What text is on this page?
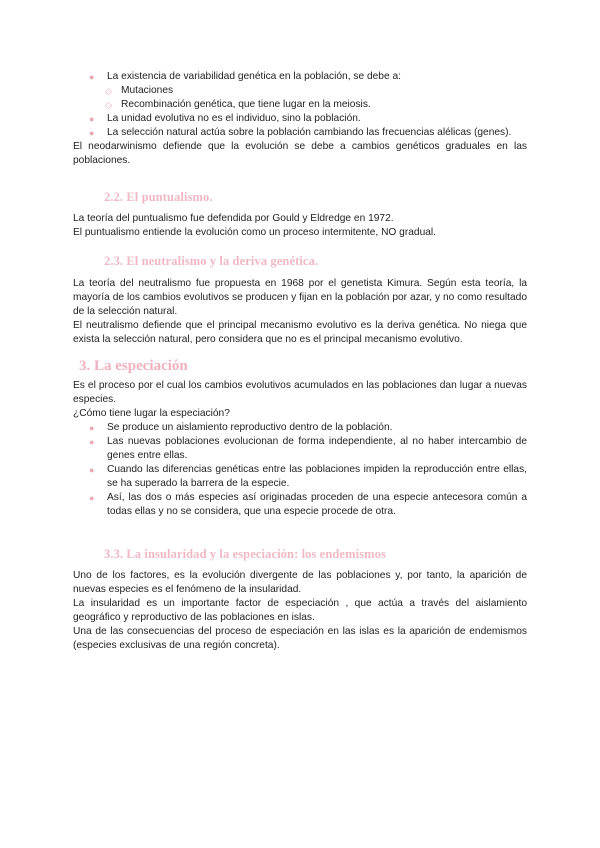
● La existencia de variabilidad genética en la población, se debe a:
◇ Mutaciones
◇ Recombinación genética, que tiene lugar en la meiosis.
● La unidad evolutiva no es el individuo, sino la población.
● La selección natural actúa sobre la población cambiando las frecuencias alélicas (genes).

El neodarwinismo defiende que la evolución se debe a cambios genéticos graduales en las poblaciones.

2.2. El puntualismo.

La teoría del puntualismo fue defendida por Gould y Eldredge en 1972.

El puntualismo entiende la evolución como un proceso intermitente, NO gradual.

2.3. El neutralismo y la deriva genética.

La teoría del neutralismo fue propuesta en 1968 por el genetista Kimura. Según esta teoría, la mayoría de los cambios evolutivos se producen y fijan en la población por azar, y no como resultado de la selección natural.

El neutralismo defiende que el principal mecanismo evolutivo es la deriva genética. No niega que exista la selección natural, pero considera que no es el principal mecanismo evolutivo.

3. La especiación

Es el proceso por el cual los cambios evolutivos acumulados en las poblaciones dan lugar a nuevas especies.

¿Cómo tiene lugar la especiación?

● Se produce un aislamiento reproductivo dentro de la población.
● Las nuevas poblaciones evolucionan de forma independiente, al no haber intercambio de genes entre ellas.
● Cuando las diferencias genéticas entre las poblaciones impiden la reproducción entre ellas, se ha superado la barrera de la especie.
● Así, las dos o más especies así originadas proceden de una especie antecesora común a todas ellas y no se considera, que una especie procede de otra.
3.3. La insularidad y la especiación: los endemismos

Uno de los factores, es la evolución divergente de las poblaciones y, por tanto, la aparición de nuevas especies es el fenómeno de la insularidad.

La insularidad es un importante factor de especiación , que actúa a través del aislamiento geográfico y reproductivo de las poblaciones en islas.

Una de las consecuencias del proceso de especiación en las islas es la aparición de endemismos (especies exclusivas de una región concreta).
